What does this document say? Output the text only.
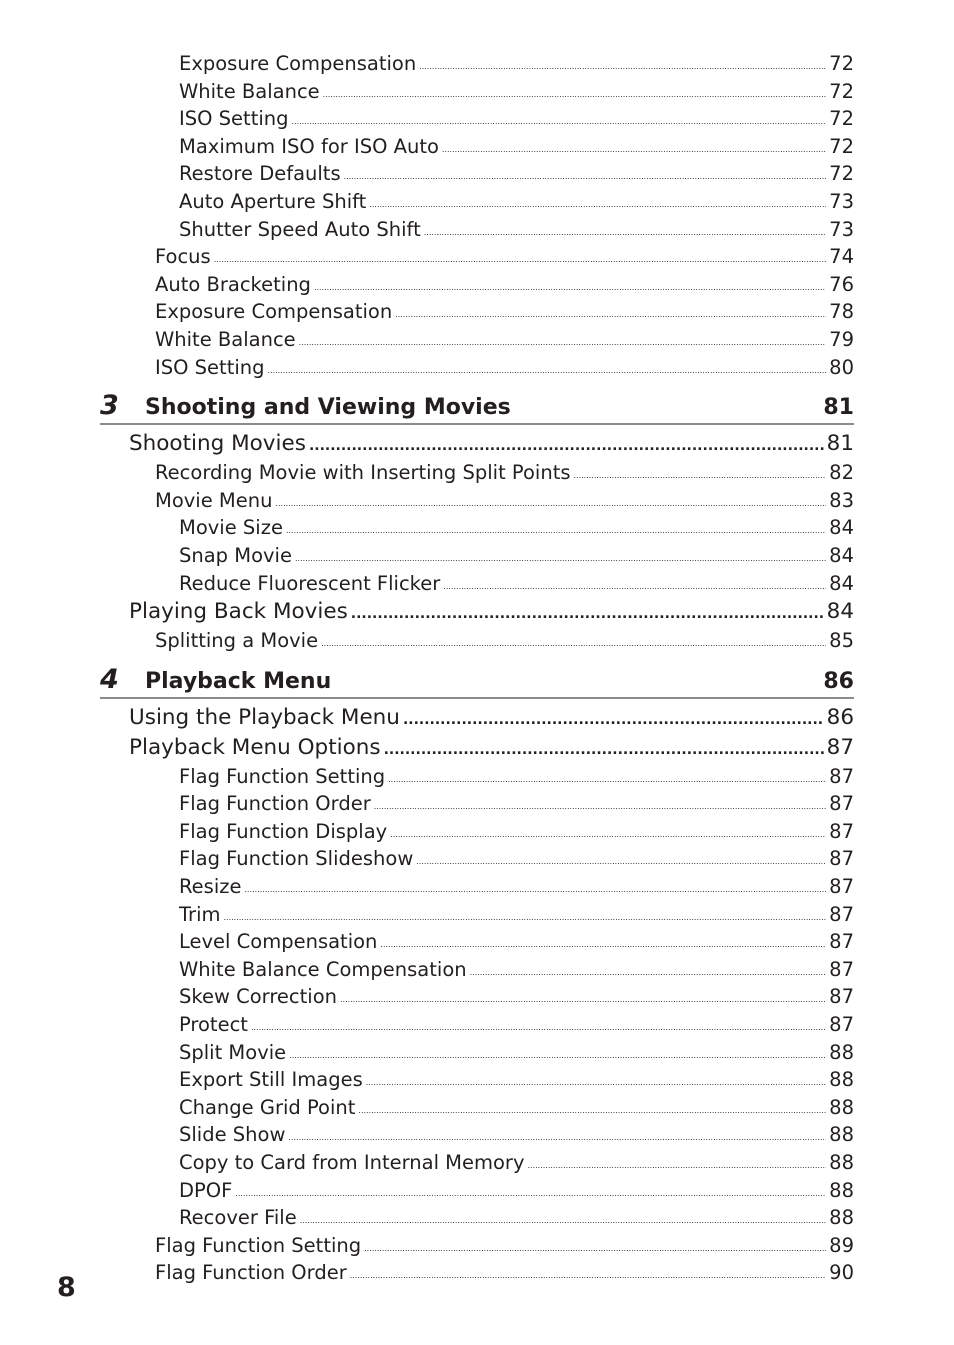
Exposure Compensation .....	72
White Balance .....	72
ISO Setting .....	72
Maximum ISO for ISO Auto .....	72
Restore Defaults .....	72
Auto Aperture Shift .....	73
Shutter Speed Auto Shift .....	73
Focus .....	74
Auto Bracketing .....	76
Exposure Compensation .....	78
White Balance .....	79
ISO Setting .....	80
3 Shooting and Viewing Movies	81
Shooting Movies .....	81
Recording Movie with Inserting Split Points .....	82
Movie Menu .....	83
Movie Size .....	84
Snap Movie .....	84
Reduce Fluorescent Flicker .....	84
Playing Back Movies .....	84
Splitting a Movie .....	85
4 Playback Menu	86
Using the Playback Menu .....	86
Playback Menu Options .....	87
Flag Function Setting .....	87
Flag Function Order .....	87
Flag Function Display .....	87
Flag Function Slideshow .....	87
Resize .....	87
Trim .....	87
Level Compensation .....	87
White Balance Compensation .....	87
Skew Correction .....	87
Protect .....	87
Split Movie .....	88
Export Still Images .....	88
Change Grid Point .....	88
Slide Show .....	88
Copy to Card from Internal Memory .....	88
DPOF .....	88
Recover File .....	88
Flag Function Setting .....	89
Flag Function Order .....	90
8
